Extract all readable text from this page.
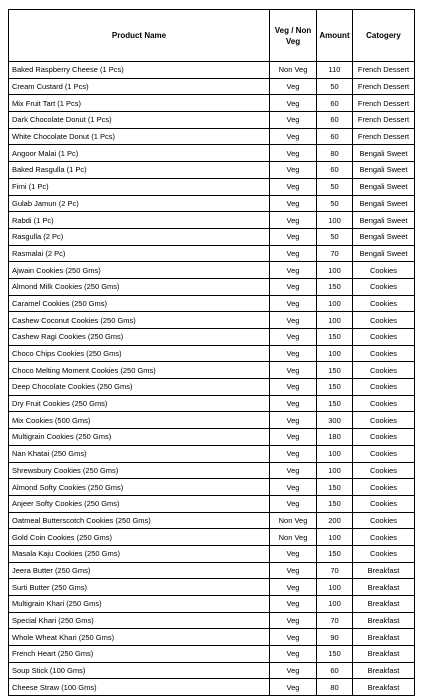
Product Name	Veg / Non Veg	Amount	Catogery
Baked Raspberry Cheese (1 Pcs)	Non Veg	110	French Dessert
Cream Custard (1 Pcs)	Veg	50	French Dessert
Mix Fruit Tart (1 Pcs)	Veg	60	French Dessert
Dark Chocolate Donut (1 Pcs)	Veg	60	French Dessert
White Chocolate Donut (1 Pcs)	Veg	60	French Dessert
Angoor Malai (1 Pc)	Veg	80	Bengali Sweet
Baked Rasgulla (1 Pc)	Veg	60	Bengali Sweet
Firni (1 Pc)	Veg	50	Bengali Sweet
Gulab Jamun (2 Pc)	Veg	50	Bengali Sweet
Rabdi (1 Pc)	Veg	100	Bengali Sweet
Rasgulla (2 Pc)	Veg	50	Bengali Sweet
Rasmalai (2 Pc)	Veg	70	Bengali Sweet
Ajwain Cookies (250 Gms)	Veg	100	Cookies
Almond Milk Cookies (250 Gms)	Veg	150	Cookies
Caramel Cookies (250 Gms)	Veg	100	Cookies
Cashew Coconut Cookies (250 Gms)	Veg	100	Cookies
Cashew Ragi Cookies (250 Gms)	Veg	150	Cookies
Choco Chips Cookies (250 Gms)	Veg	100	Cookies
Choco Melting Moment Cookies (250 Gms)	Veg	150	Cookies
Deep Chocolate Cookies (250 Gms)	Veg	150	Cookies
Dry Fruit Cookies (250 Gms)	Veg	150	Cookies
Mix Cookies (500 Gms)	Veg	300	Cookies
Multigrain Cookies (250 Gms)	Veg	180	Cookies
Nan Khatai (250 Gms)	Veg	100	Cookies
Shrewsbury Cookies (250 Gms)	Veg	100	Cookies
Almond Softy Cookies (250 Gms)	Veg	150	Cookies
Anjeer Softy Cookies (250 Gms)	Veg	150	Cookies
Oatmeal Butterscotch Cookies (250 Gms)	Non Veg	200	Cookies
Gold Coin Cookies (250 Gms)	Non Veg	100	Cookies
Masala Kaju Cookies (250 Gms)	Veg	150	Cookies
Jeera Butter (250 Gms)	Veg	70	Breakfast
Surti Butter (250 Gms)	Veg	100	Breakfast
Multigrain Khari (250 Gms)	Veg	100	Breakfast
Special Khari (250 Gms)	Veg	70	Breakfast
Whole Wheat Khari (250 Gms)	Veg	90	Breakfast
French Heart (250 Gms)	Veg	150	Breakfast
Soup Stick (100 Gms)	Veg	60	Breakfast
Cheese Straw (100 Gms)	Veg	80	Breakfast
